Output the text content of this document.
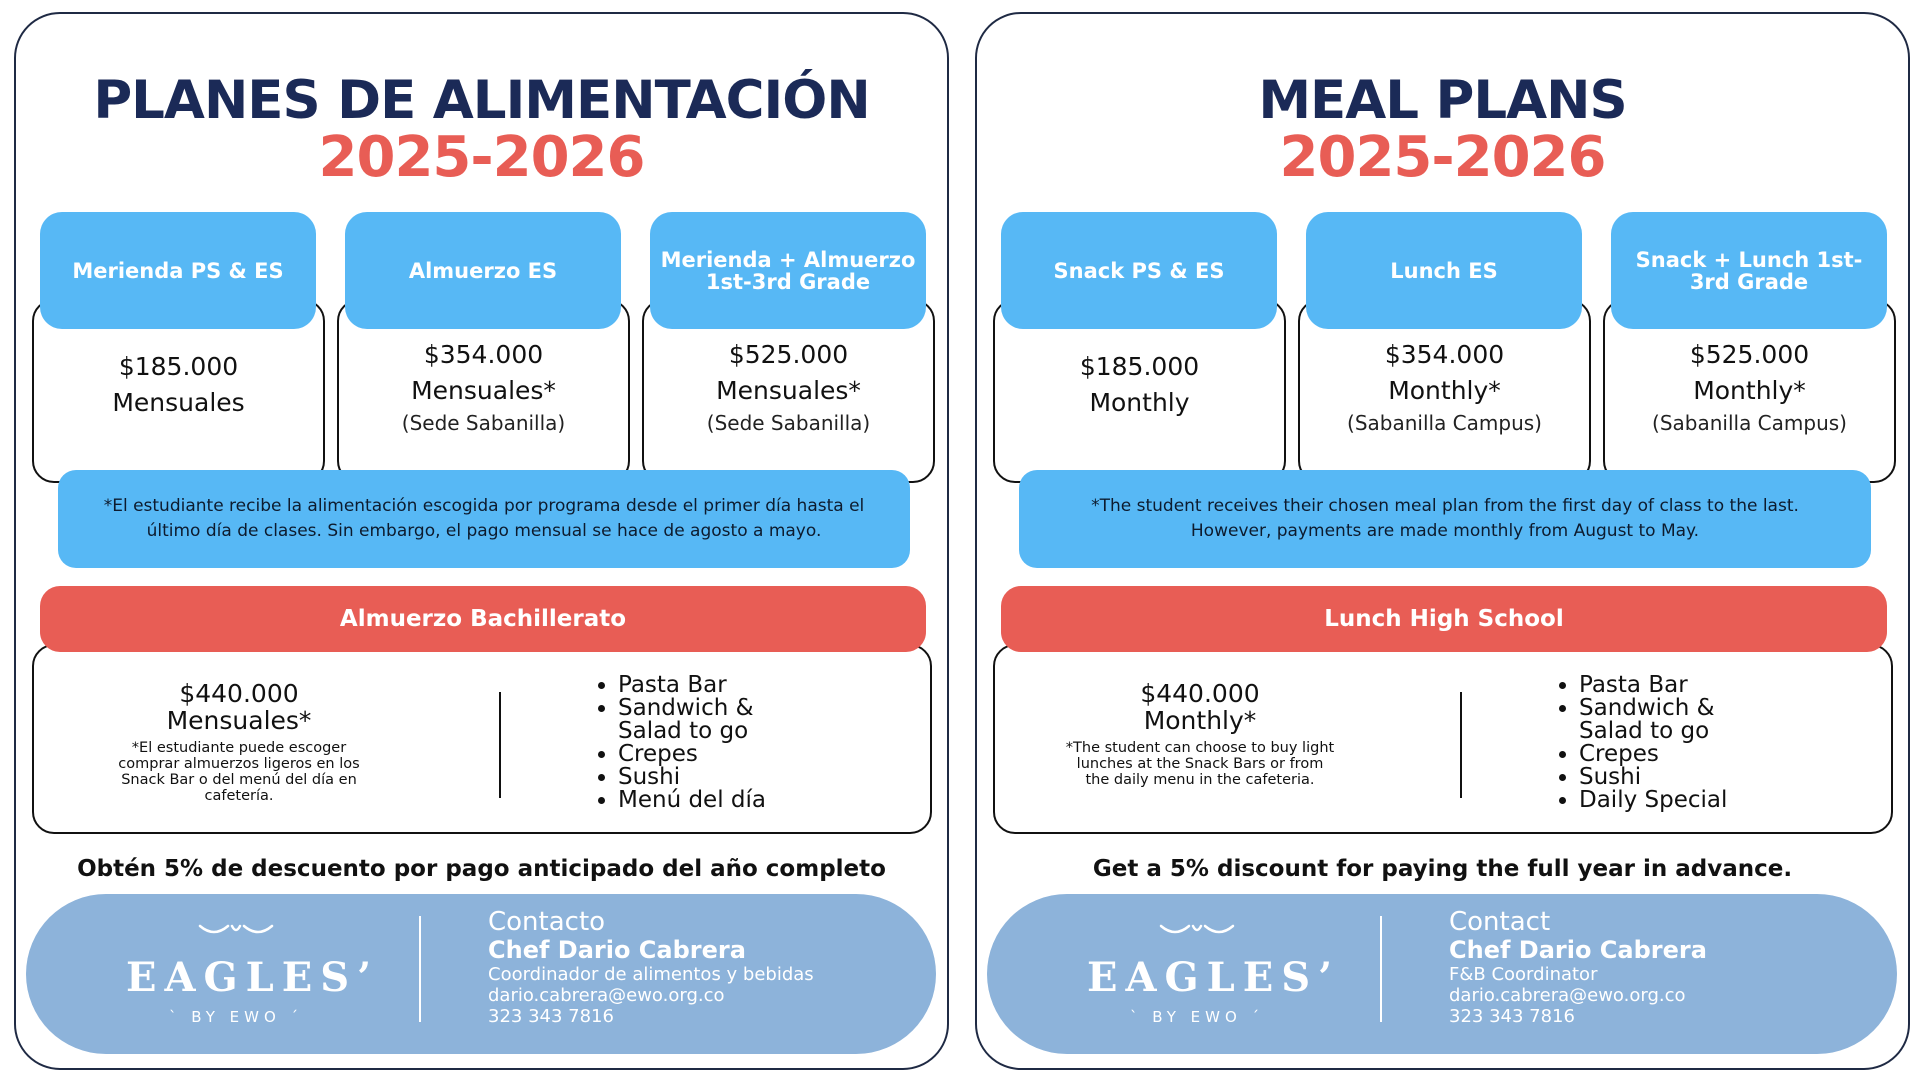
PLANES DE ALIMENTACIÓN
2025-2026
$185.000
Mensuales
Merienda PS & ES
$354.000
Mensuales*
(Sede Sabanilla)
Almuerzo ES
$525.000
Mensuales*
(Sede Sabanilla)
Merienda + Almuerzo 1st-3rd Grade
*El estudiante recibe la alimentación escogida por programa desde el primer día hasta el último día de clases. Sin embargo, el pago mensual se hace de agosto a mayo.
$440.000
Mensuales*
*El estudiante puede escoger comprar almuerzos ligeros en los Snack Bar o del menú del día en cafetería.
• Pasta Bar
• Sandwich & Salad to go
• Crepes
• Sushi
• Menú del día
Almuerzo Bachillerato
Obtén 5% de descuento por pago anticipado del año completo
EAGLES’
` BY EWO ´
Contacto
Chef Dario Cabrera
Coordinador de alimentos y bebidas
dario.cabrera@ewo.org.co
323 343 7816
MEAL PLANS
2025-2026
$185.000
Monthly
Snack PS & ES
$354.000
Monthly*
(Sabanilla Campus)
Lunch ES
$525.000
Monthly*
(Sabanilla Campus)
Snack + Lunch 1st-3rd Grade
*The student receives their chosen meal plan from the first day of class to the last. However, payments are made monthly from August to May.
$440.000
Monthly*
*The student can choose to buy light lunches at the Snack Bars or from the daily menu in the cafeteria.
• Pasta Bar
• Sandwich & Salad to go
• Crepes
• Sushi
• Daily Special
Lunch High School
Get a 5% discount for paying the full year in advance.
EAGLES’
` BY EWO ´
Contact
Chef Dario Cabrera
F&B Coordinator
dario.cabrera@ewo.org.co
323 343 7816
